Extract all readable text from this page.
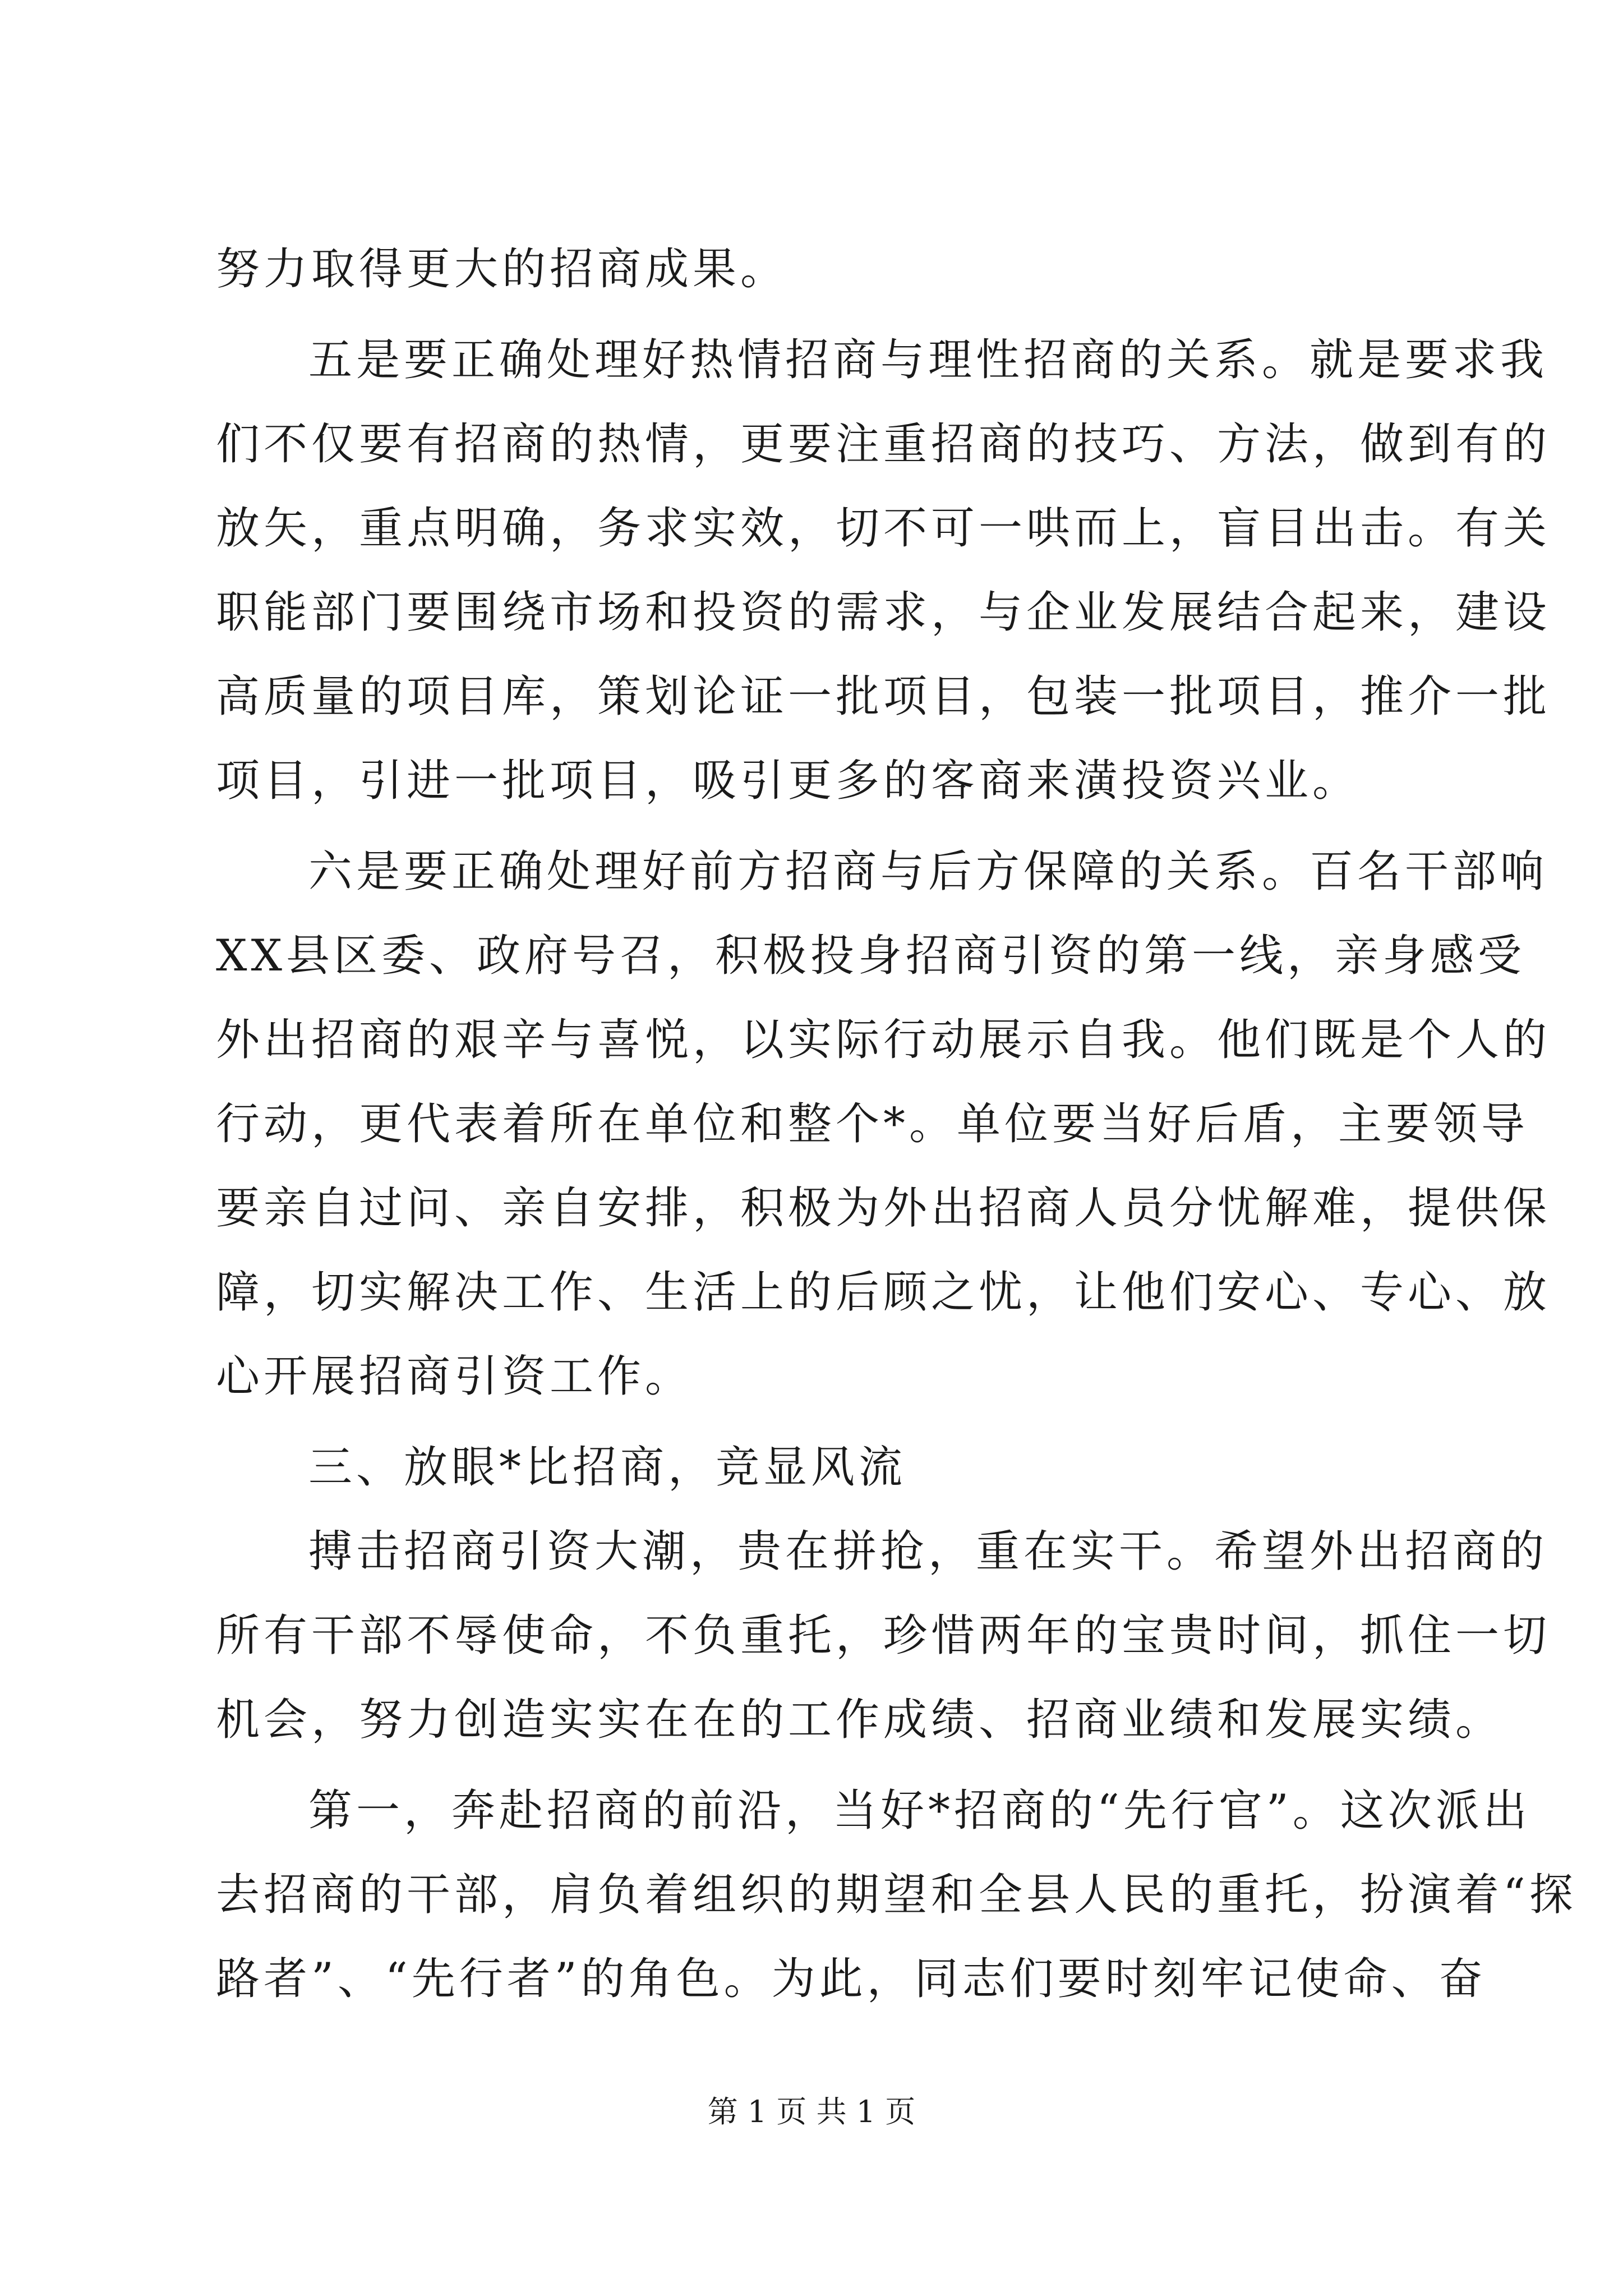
努力取得更大的招商成果。
五是要正确处理好热情招商与理性招商的关系。就是要求我
们不仅要有招商的热情，更要注重招商的技巧、方法，做到有的
放矢，重点明确，务求实效，切不可一哄而上，盲目出击。有关
职能部门要围绕市场和投资的需求，与企业发展结合起来，建设
高质量的项目库，策划论证一批项目，包装一批项目，推介一批
项目，引进一批项目，吸引更多的客商来潢投资兴业。
六是要正确处理好前方招商与后方保障的关系。百名干部响
XX县区委、政府号召，积极投身招商引资的第一线，亲身感受
外出招商的艰辛与喜悦，以实际行动展示自我。他们既是个人的
行动，更代表着所在单位和整个*。单位要当好后盾，主要领导
要亲自过问、亲自安排，积极为外出招商人员分忧解难，提供保
障，切实解决工作、生活上的后顾之忧，让他们安心、专心、放
心开展招商引资工作。
三、放眼*比招商，竞显风流
搏击招商引资大潮，贵在拼抢，重在实干。希望外出招商的
所有干部不辱使命，不负重托，珍惜两年的宝贵时间，抓住一切
机会，努力创造实实在在的工作成绩、招商业绩和发展实绩。
第一，奔赴招商的前沿，当好*招商的“先行官”。这次派出
去招商的干部，肩负着组织的期望和全县人民的重托，扮演着“探
路者”、“先行者”的角色。为此，同志们要时刻牢记使命、奋
第 1 页 共 1 页
